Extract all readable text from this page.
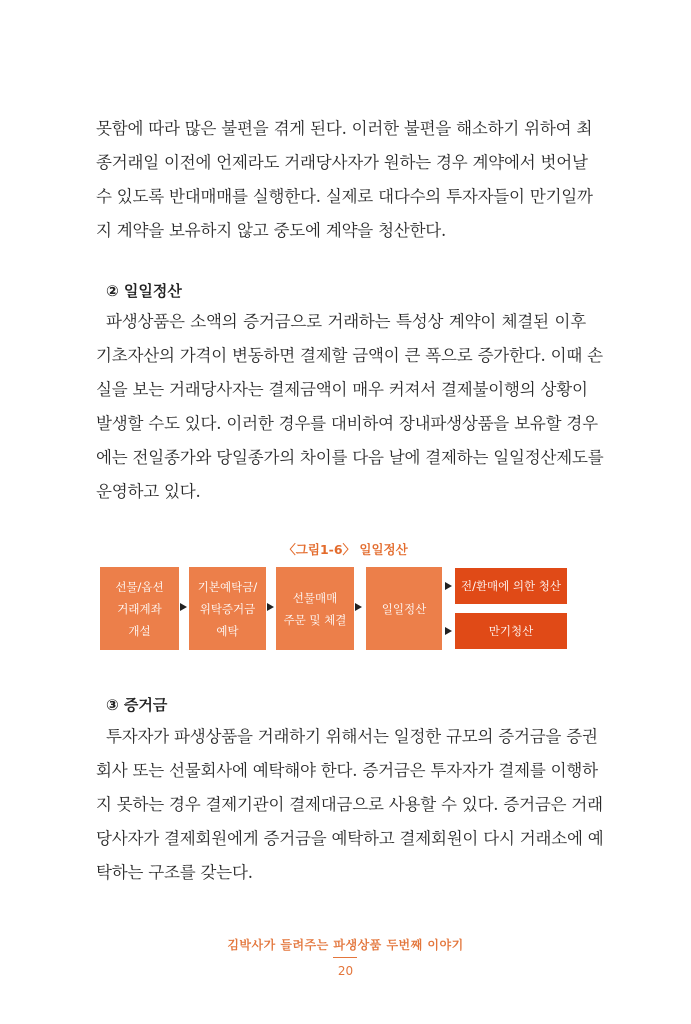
못함에 따라 많은 불편을 겪게 된다. 이러한 불편을 해소하기 위하여 최
종거래일 이전에 언제라도 거래당사자가 원하는 경우 계약에서 벗어날
수 있도록 반대매매를 실행한다. 실제로 대다수의 투자자들이 만기일까
지 계약을 보유하지 않고 중도에 계약을 청산한다.
② 일일정산
파생상품은 소액의 증거금으로 거래하는 특성상 계약이 체결된 이후
기초자산의 가격이 변동하면 결제할 금액이 큰 폭으로 증가한다. 이때 손
실을 보는 거래당사자는 결제금액이 매우 커져서 결제불이행의 상황이
발생할 수도 있다. 이러한 경우를 대비하여 장내파생상품을 보유할 경우
에는 전일종가와 당일종가의 차이를 다음 날에 결제하는 일일정산제도를
운영하고 있다.
〈그림1-6〉 일일정산
선물/옵션
거래계좌
개설
기본예탁금/
위탁증거금
예탁
선물매매
주문 및 체결
일일정산
전/환매에 의한 청산
만기청산
③ 증거금
투자자가 파생상품을 거래하기 위해서는 일정한 규모의 증거금을 증권
회사 또는 선물회사에 예탁해야 한다. 증거금은 투자자가 결제를 이행하
지 못하는 경우 결제기관이 결제대금으로 사용할 수 있다. 증거금은 거래
당사자가 결제회원에게 증거금을 예탁하고 결제회원이 다시 거래소에 예
탁하는 구조를 갖는다.
김박사가 들려주는 파생상품 두번째 이야기
20
